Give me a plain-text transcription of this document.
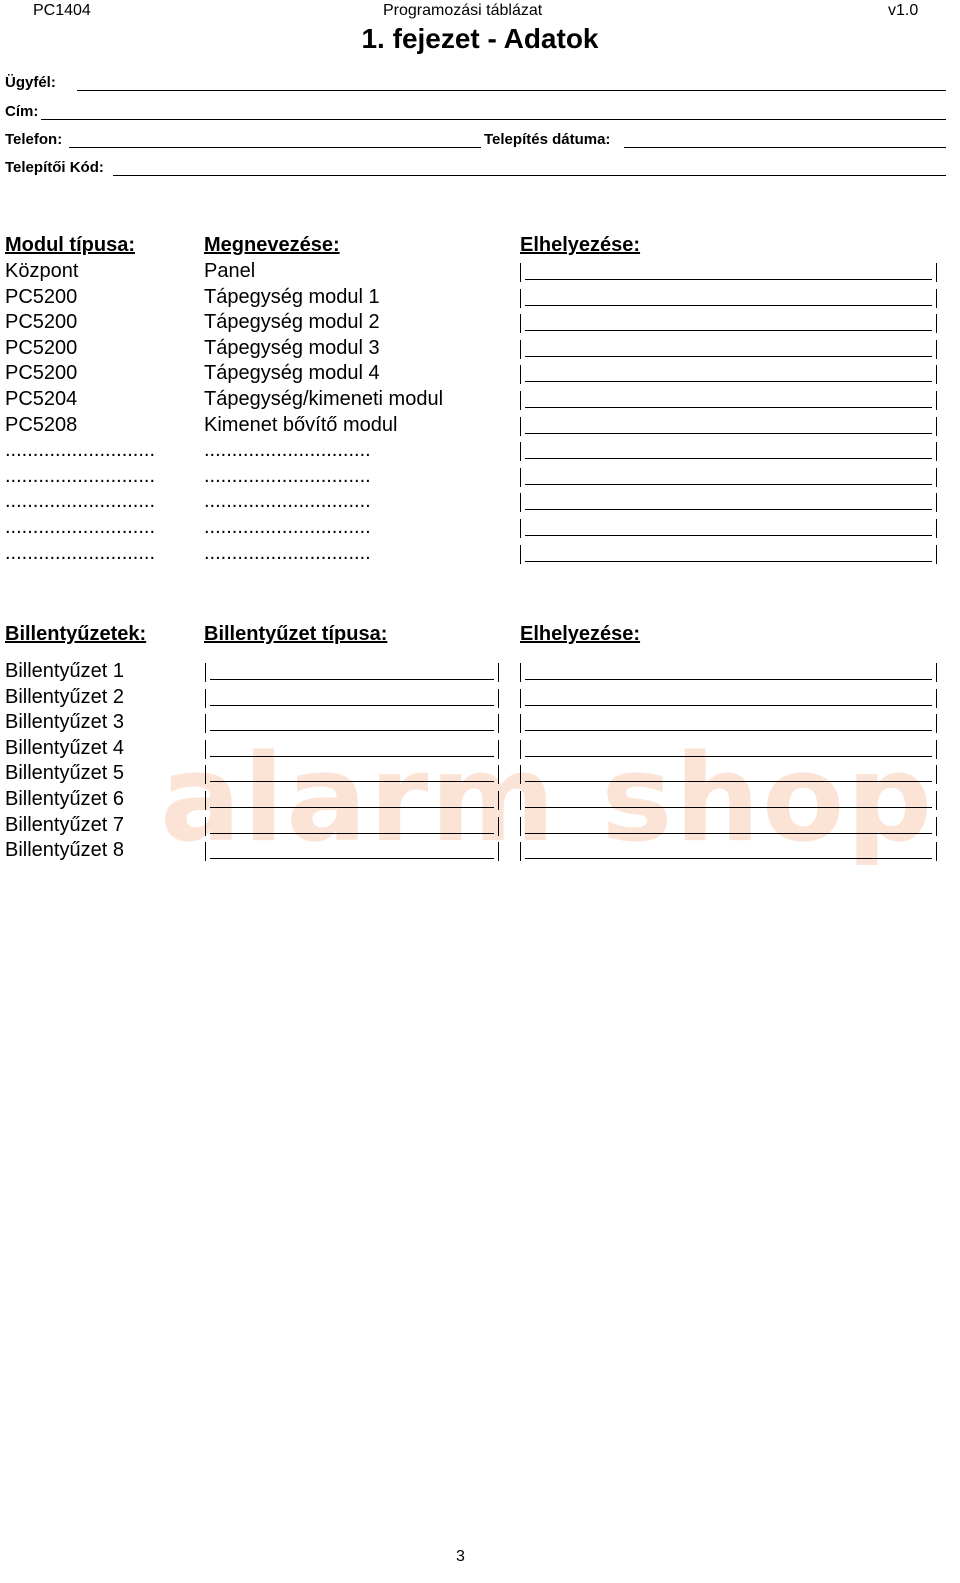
PC1404	Programozási táblázat	v1.0
1. fejezet - Adatok
Ügyfél:
Cím:
Telefon:	Telepítés dátuma:
Telepítői Kód:
Modul típusa:	Megnevezése:	Elhelyezése:
Központ	Panel
PC5200	Tápegység modul 1
PC5200	Tápegység modul 2
PC5200	Tápegység modul 3
PC5200	Tápegység modul 4
PC5204	Tápegység/kimeneti modul
PC5208	Kimenet bővítő modul
........................... ..............................
........................... ..............................
........................... ..............................
........................... ..............................
........................... ..............................
Billentyűzetek:	Billentyűzet típusa:	Elhelyezése:
alarm shop
Billentyűzet 1
Billentyűzet 2
Billentyűzet 3
Billentyűzet 4
Billentyűzet 5
Billentyűzet 6
Billentyűzet 7
Billentyűzet 8
3
